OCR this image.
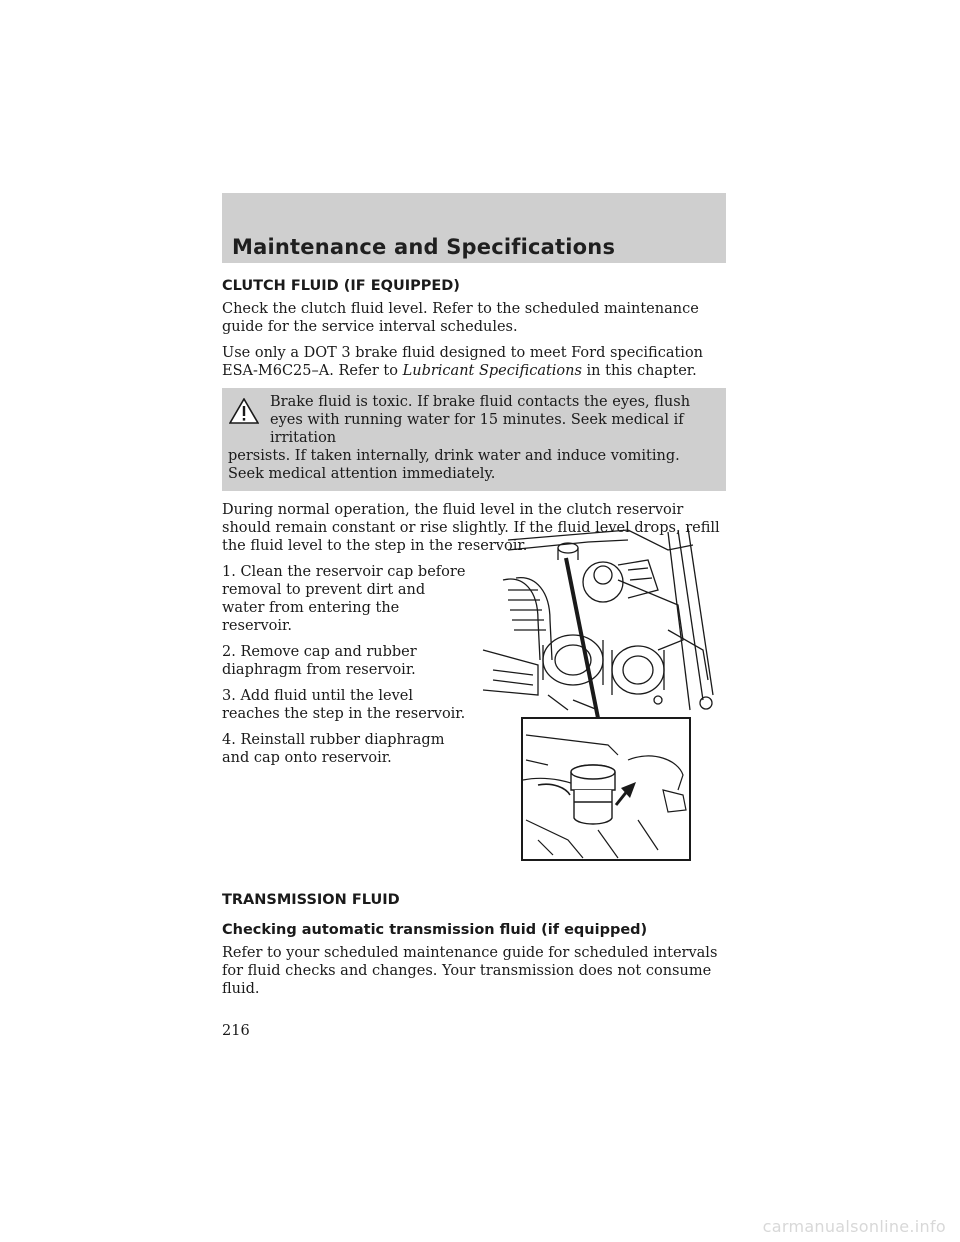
Maintenance and Specifications
CLUTCH FLUID (IF EQUIPPED)

Check the clutch fluid level. Refer to the scheduled maintenance guide for the service interval schedules.

Use only a DOT 3 brake fluid designed to meet Ford specification ESA-M6C25–A. Refer to Lubricant Specifications in this chapter.

Brake fluid is toxic. If brake fluid contacts the eyes, flush eyes with running water for 15 minutes. Seek medical if irritation
persists. If taken internally, drink water and induce vomiting. Seek medical attention immediately.

During normal operation, the fluid level in the clutch reservoir should remain constant or rise slightly. If the fluid level drops, refill the fluid level to the step in the reservoir.

1. Clean the reservoir cap before removal to prevent dirt and water from entering the reservoir.

2. Remove cap and rubber diaphragm from reservoir.

3. Add fluid until the level reaches the step in the reservoir.

4. Reinstall rubber diaphragm and cap onto reservoir.

TRANSMISSION FLUID
Checking automatic transmission fluid (if equipped)

Refer to your scheduled maintenance guide for scheduled intervals for fluid checks and changes. Your transmission does not consume fluid.

216
carmanualsonline.info
